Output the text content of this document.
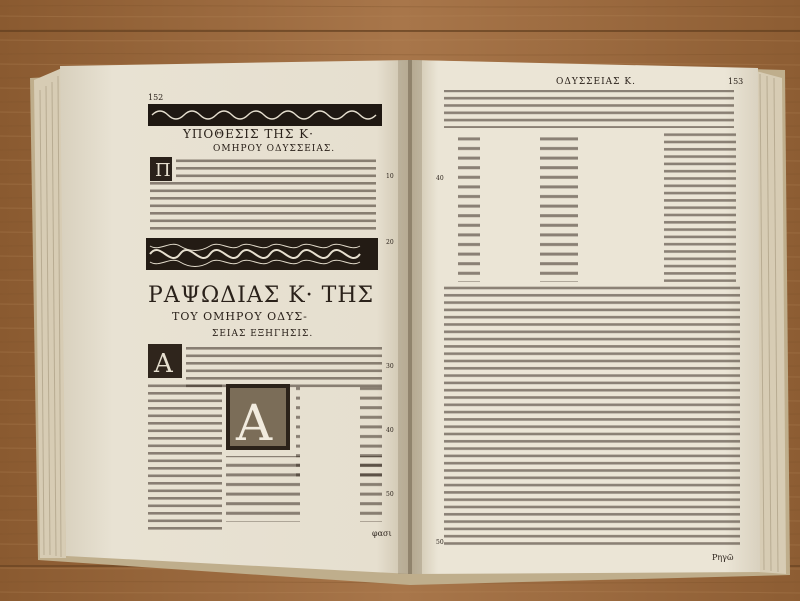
152
ΥΠΟΘΕΣΙΣ ΤΗΣ Κ·
ΟΜΗΡΟΥ ΟΔΥΣΣΕΙΑΣ.
Π
ΡΑΨΩΔΙΑΣ Κ· ΤΗΣ
ΤΟΥ ΟΜΗΡΟΥ ΟΔΥΣ-
ΣΕΙΑΣ ΕΞΗΓΗΣΙΣ.
A
A
φασι
10
20
30
40
50
ΟΔΥΣΣΕΙΑΣ Κ.	153
Ρηγῶ
40
50
